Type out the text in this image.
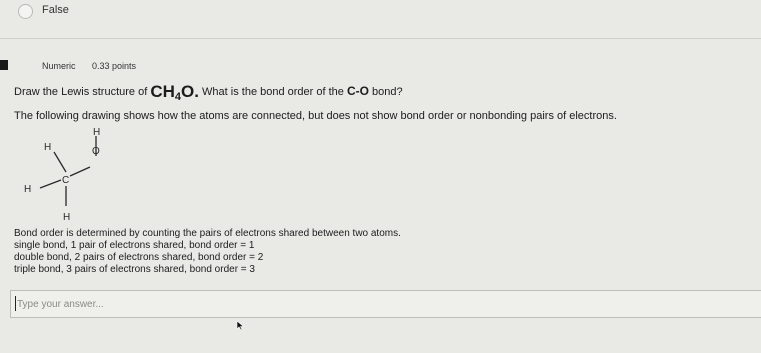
False
Numeric 0.33 points
Draw the Lewis structure of $CH_4O$. What is the bond order of the C-O bond?
The following drawing shows how the atoms are connected, but does not show bond order or nonbonding pairs of electrons.
H
H	O
C
H
H
Bond order is determined by counting the pairs of electrons shared between two atoms.
single bond, 1 pair of electrons shared, bond order = 1
double bond, 2 pairs of electrons shared, bond order = 2
triple bond, 3 pairs of electrons shared, bond order = 3
Type your answer...
